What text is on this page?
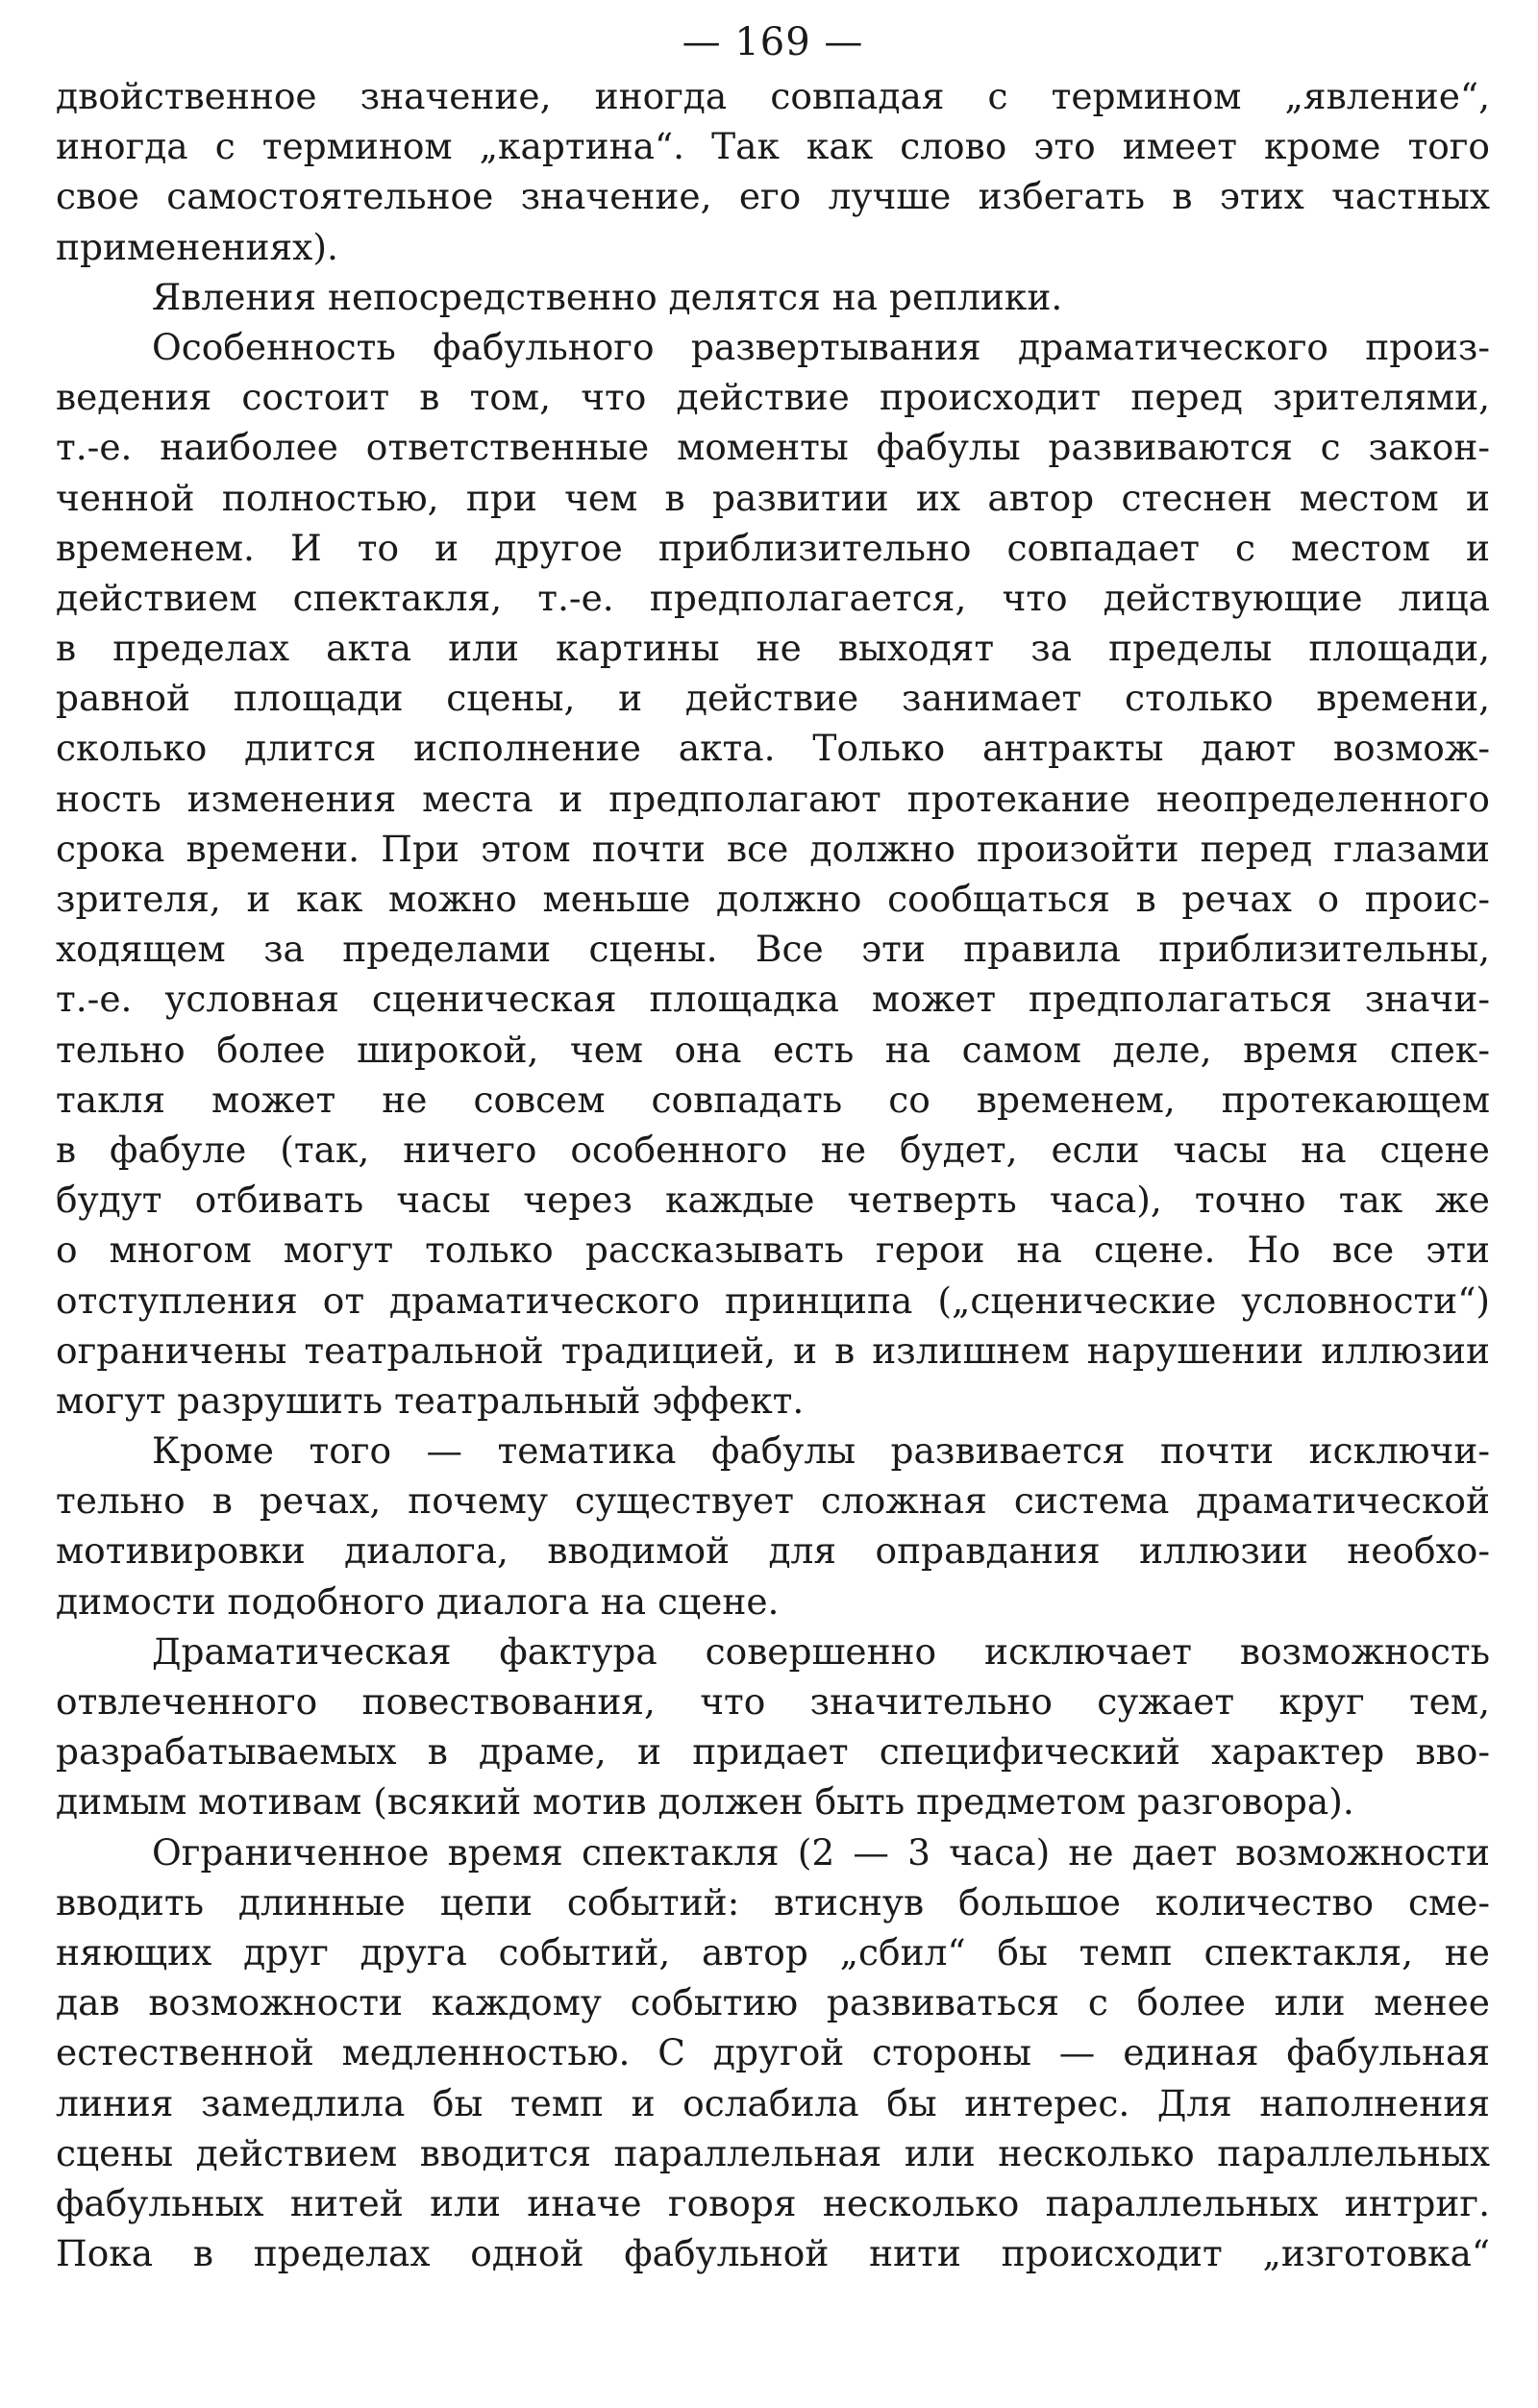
— 169 —
двойственное значение, иногда совпадая с термином „явление“,
иногда с термином „картина“. Так как слово это имеет кроме того
свое самостоятельное значение, его лучше избегать в этих частных
применениях).
Явления непосредственно делятся на реплики.
Особенность фабульного развертывания драматического произ-
ведения состоит в том, что действие происходит перед зрителями,
т.-е. наиболее ответственные моменты фабулы развиваются с закон-
ченной полностью, при чем в развитии их автор стеснен местом и
временем. И то и другое приблизительно совпадает с местом и
действием спектакля, т.-е. предполагается, что действующие лица
в пределах акта или картины не выходят за пределы площади,
равной площади сцены, и действие занимает столько времени,
сколько длится исполнение акта. Только антракты дают возмож-
ность изменения места и предполагают протекание неопределенного
срока времени. При этом почти все должно произойти перед глазами
зрителя, и как можно меньше должно сообщаться в речах о проис-
ходящем за пределами сцены. Все эти правила приблизительны,
т.-е. условная сценическая площадка может предполагаться значи-
тельно более широкой, чем она есть на самом деле, время спек-
такля может не совсем совпадать со временем, протекающем
в фабуле (так, ничего особенного не будет, если часы на сцене
будут отбивать часы через каждые четверть часа), точно так же
о многом могут только рассказывать герои на сцене. Но все эти
отступления от драматического принципа („сценические условности“)
ограничены театральной традицией, и в излишнем нарушении иллюзии
могут разрушить театральный эффект.
Кроме того — тематика фабулы развивается почти исключи-
тельно в речах, почему существует сложная система драматической
мотивировки диалога, вводимой для оправдания иллюзии необхо-
димости подобного диалога на сцене.
Драматическая фактура совершенно исключает возможность
отвлеченного повествования, что значительно сужает круг тем,
разрабатываемых в драме, и придает специфический характер вво-
димым мотивам (всякий мотив должен быть предметом разговора).
Ограниченное время спектакля (2 — 3 часа) не дает возможности
вводить длинные цепи событий: втиснув большое количество сме-
няющих друг друга событий, автор „сбил“ бы темп спектакля, не
дав возможности каждому событию развиваться с более или менее
естественной медленностью. С другой стороны — единая фабульная
линия замедлила бы темп и ослабила бы интерес. Для наполнения
сцены действием вводится параллельная или несколько параллельных
фабульных нитей или иначе говоря несколько параллельных интриг.
Пока в пределах одной фабульной нити происходит „изготовка“
